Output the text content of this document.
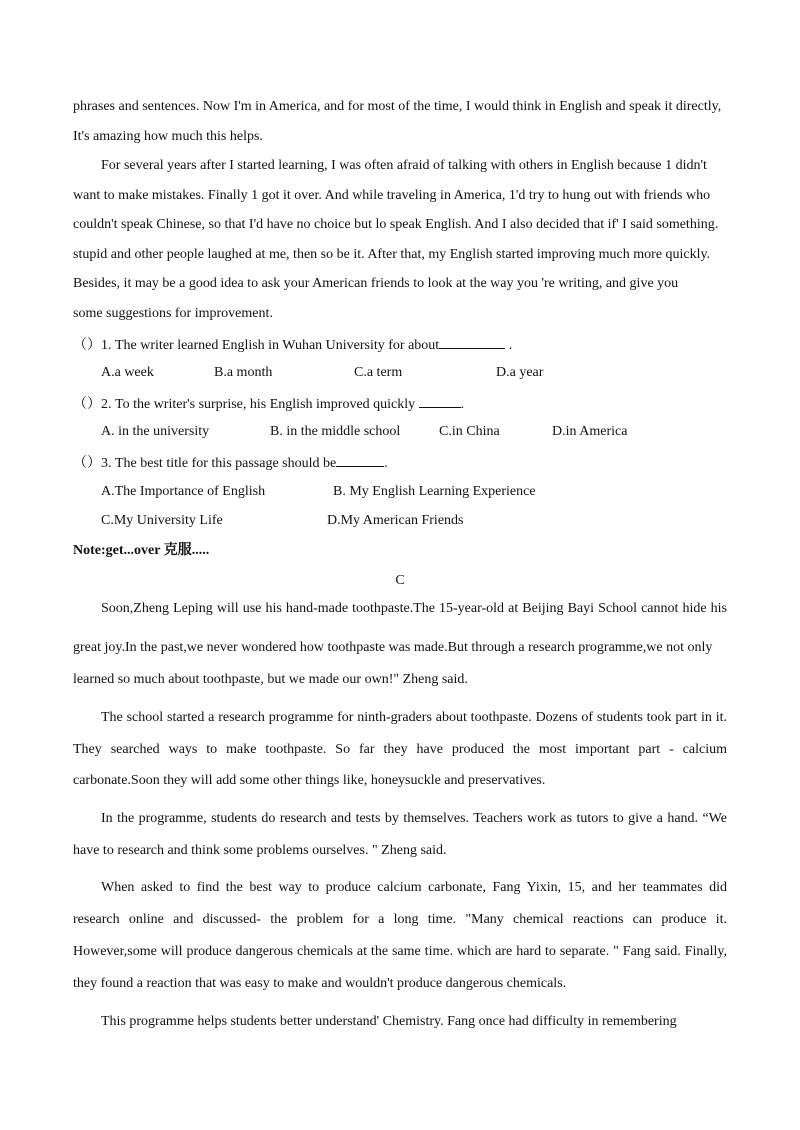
phrases and sentences. Now I'm in America, and for most of the time, I would think in English and speak it directly,
It's amazing how much this helps.
For several years after I started learning, I was often afraid of talking with others in English because 1 didn't
want to make mistakes. Finally 1 got it over. And while traveling in America, 1'd try to hung out with friends who
couldn't speak Chinese, so that I'd have no choice but lo speak English. And I also decided that if' I said something.
stupid and other people laughed at me, then so be it. After that, my English started improving much more quickly.
Besides, it may be a good idea to ask your American friends to look at the way you 're writing, and give you
some suggestions for improvement.
（）1. The writer learned English in Wuhan University for about	.
A.a week	B.a month	C.a term	D.a year
（）2. To the writer's surprise, his English improved quickly	.
A. in the university	B. in the middle school	C.in China	D.in America
（）3. The best title for this passage should be	.
A.The Importance of English	B. My English Learning Experience
C.My University Life	D.My American Friends
Note:get...over 克服.....
C
Soon,Zheng Leping will use his hand-made toothpaste.The 15-year-old at Beijing Bayi School cannot hide his
great joy.In the past,we never wondered how toothpaste was made.But through a research programme,we not only
learned so much about toothpaste, but we made our own!" Zheng said.
The school started a research programme for ninth-graders about toothpaste. Dozens of students took part in it.
They searched ways to make toothpaste. So far they have produced the most important part - calcium
carbonate.Soon they will add some other things like, honeysuckle and preservatives.
In the programme, students do research and tests by themselves. Teachers work as tutors to give a hand. “We
have to research and think some problems ourselves. " Zheng said.
When asked to find the best way to produce calcium carbonate, Fang Yixin, 15, and her teammates did
research online and discussed- the problem for a long time. "Many chemical reactions can produce it.
However,some will produce dangerous chemicals at the same time. which are hard to separate. " Fang said. Finally,
they found a reaction that was easy to make and wouldn't produce dangerous chemicals.
This programme helps students better understand' Chemistry. Fang once had difficulty in remembering
